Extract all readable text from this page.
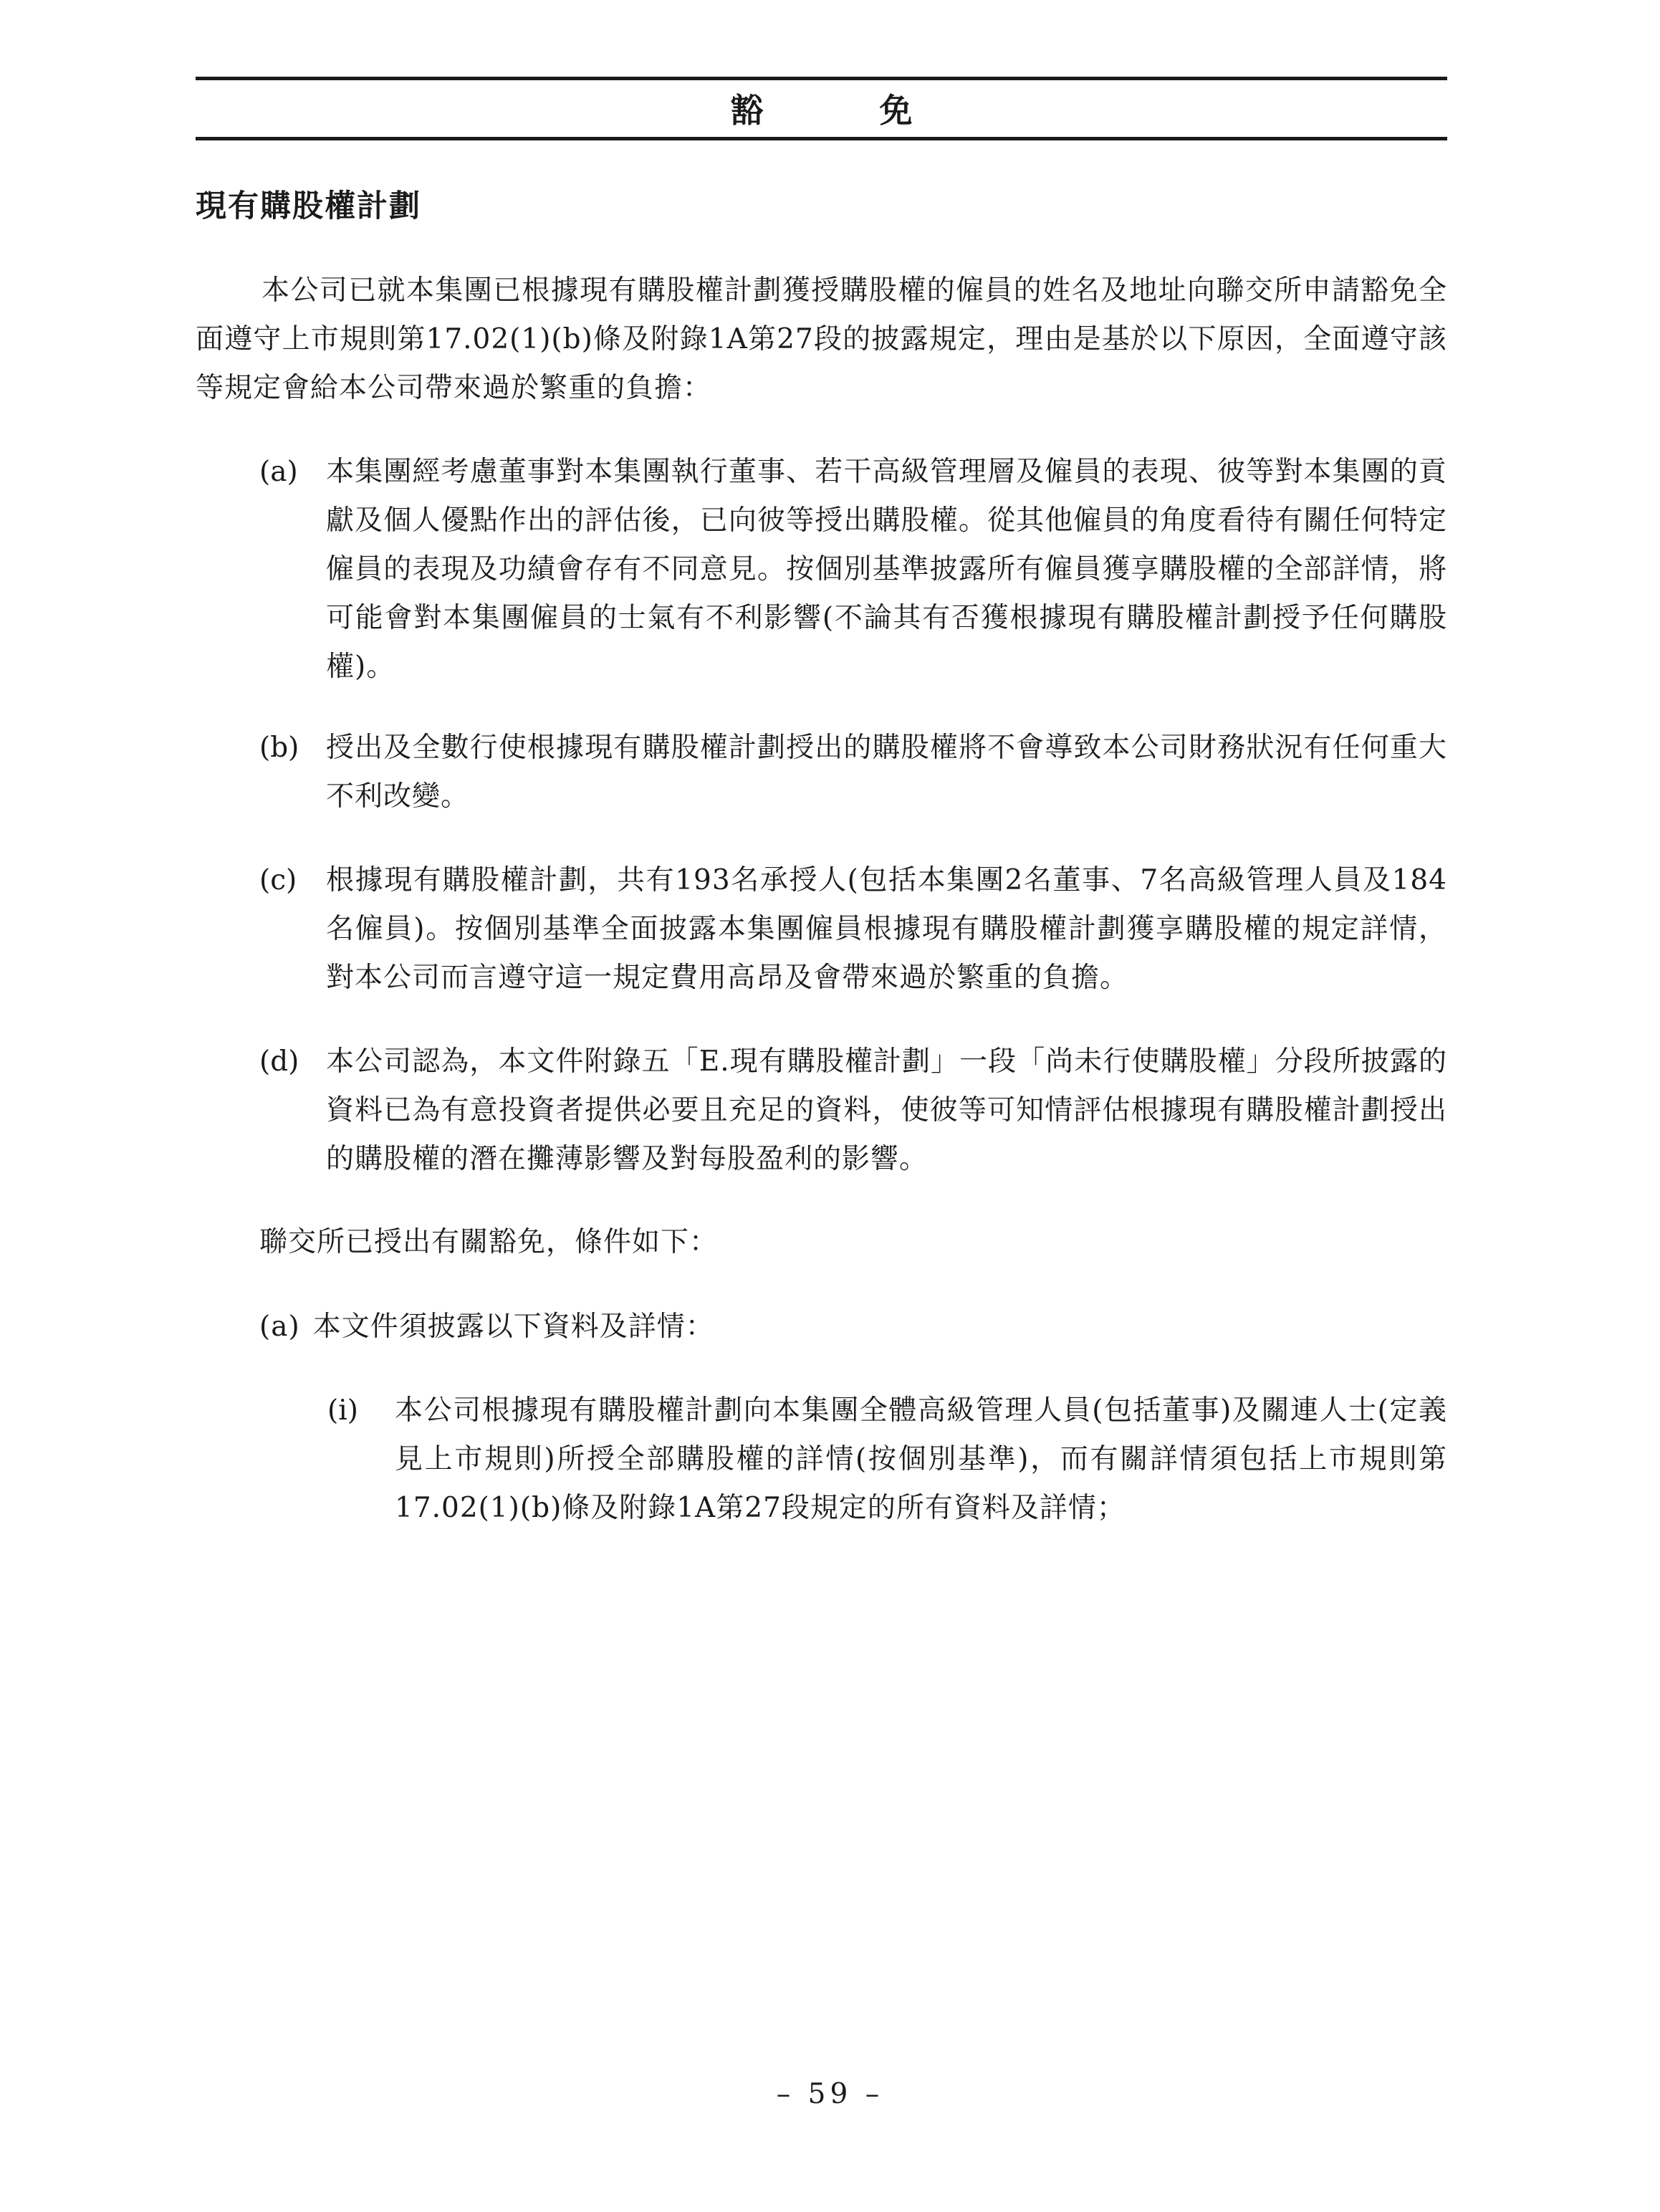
豁　免
現有購股權計劃

本公司已就本集團已根據現有購股權計劃獲授購股權的僱員的姓名及地址向聯交所申請豁免全面遵守上市規則第17.02(1)(b)條及附錄1A第27段的披露規定，理由是基於以下原因，全面遵守該等規定會給本公司帶來過於繁重的負擔：

(a) 本集團經考慮董事對本集團執行董事、若干高級管理層及僱員的表現、彼等對本集團的貢獻及個人優點作出的評估後，已向彼等授出購股權。從其他僱員的角度看待有關任何特定僱員的表現及功績會存有不同意見。按個別基準披露所有僱員獲享購股權的全部詳情，將可能會對本集團僱員的士氣有不利影響(不論其有否獲根據現有購股權計劃授予任何購股權)。

(b) 授出及全數行使根據現有購股權計劃授出的購股權將不會導致本公司財務狀況有任何重大不利改變。

(c) 根據現有購股權計劃，共有193名承授人(包括本集團2名董事、7名高級管理人員及184名僱員)。按個別基準全面披露本集團僱員根據現有購股權計劃獲享購股權的規定詳情，對本公司而言遵守這一規定費用高昂及會帶來過於繁重的負擔。

(d) 本公司認為，本文件附錄五「E.現有購股權計劃」一段「尚未行使購股權」分段所披露的資料已為有意投資者提供必要且充足的資料，使彼等可知情評估根據現有購股權計劃授出的購股權的潛在攤薄影響及對每股盈利的影響。

聯交所已授出有關豁免，條件如下：

(a) 本文件須披露以下資料及詳情：

(i) 本公司根據現有購股權計劃向本集團全體高級管理人員(包括董事)及關連人士(定義見上市規則)所授全部購股權的詳情(按個別基準)，而有關詳情須包括上市規則第17.02(1)(b)條及附錄1A第27段規定的所有資料及詳情；

– 59 –
